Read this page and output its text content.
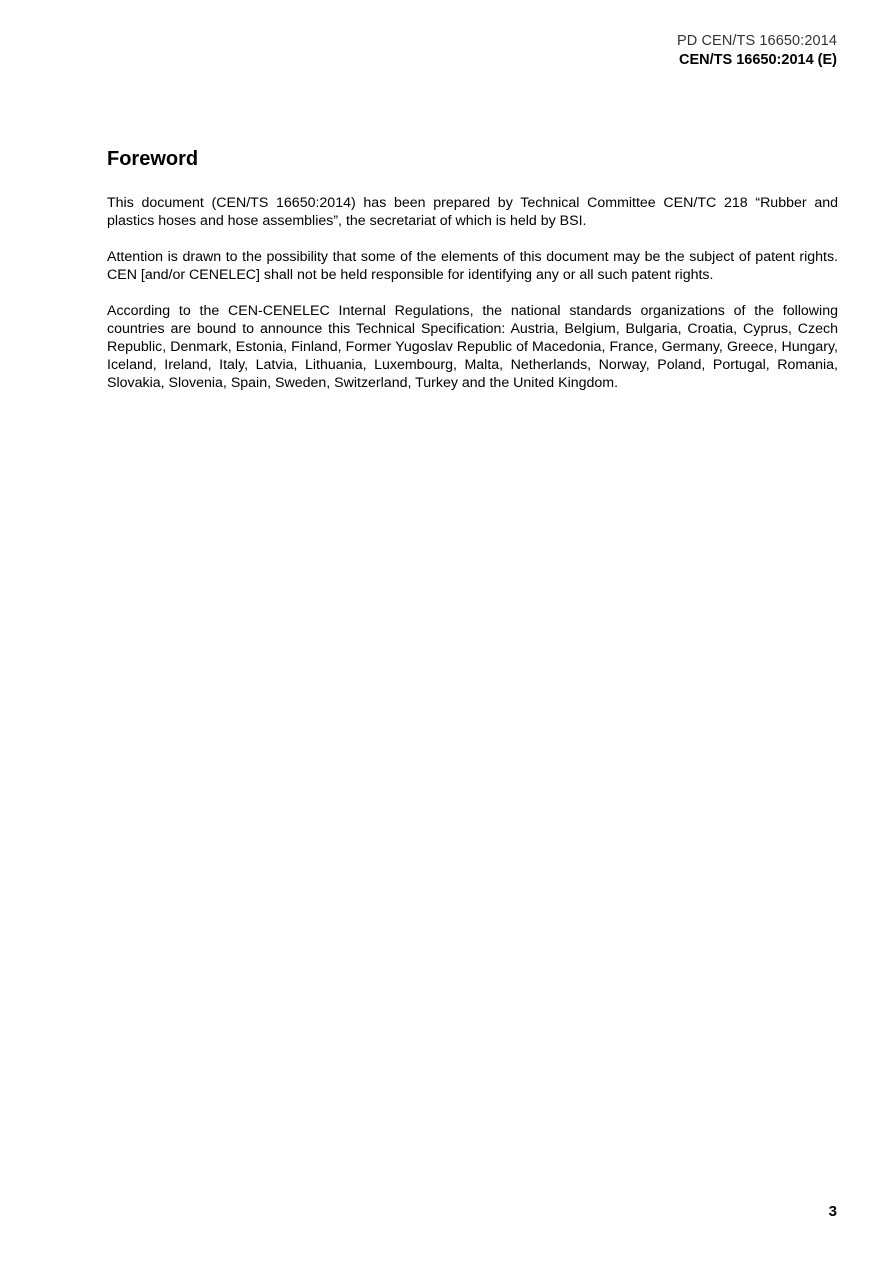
PD CEN/TS 16650:2014
CEN/TS 16650:2014 (E)
Foreword

This document (CEN/TS 16650:2014) has been prepared by Technical Committee CEN/TC 218 “Rubber and plastics hoses and hose assemblies”, the secretariat of which is held by BSI.

Attention is drawn to the possibility that some of the elements of this document may be the subject of patent rights. CEN [and/or CENELEC] shall not be held responsible for identifying any or all such patent rights.

According to the CEN-CENELEC Internal Regulations, the national standards organizations of the following countries are bound to announce this Technical Specification: Austria, Belgium, Bulgaria, Croatia, Cyprus, Czech Republic, Denmark, Estonia, Finland, Former Yugoslav Republic of Macedonia, France, Germany, Greece, Hungary, Iceland, Ireland, Italy, Latvia, Lithuania, Luxembourg, Malta, Netherlands, Norway, Poland, Portugal, Romania, Slovakia, Slovenia, Spain, Sweden, Switzerland, Turkey and the United Kingdom.

3
